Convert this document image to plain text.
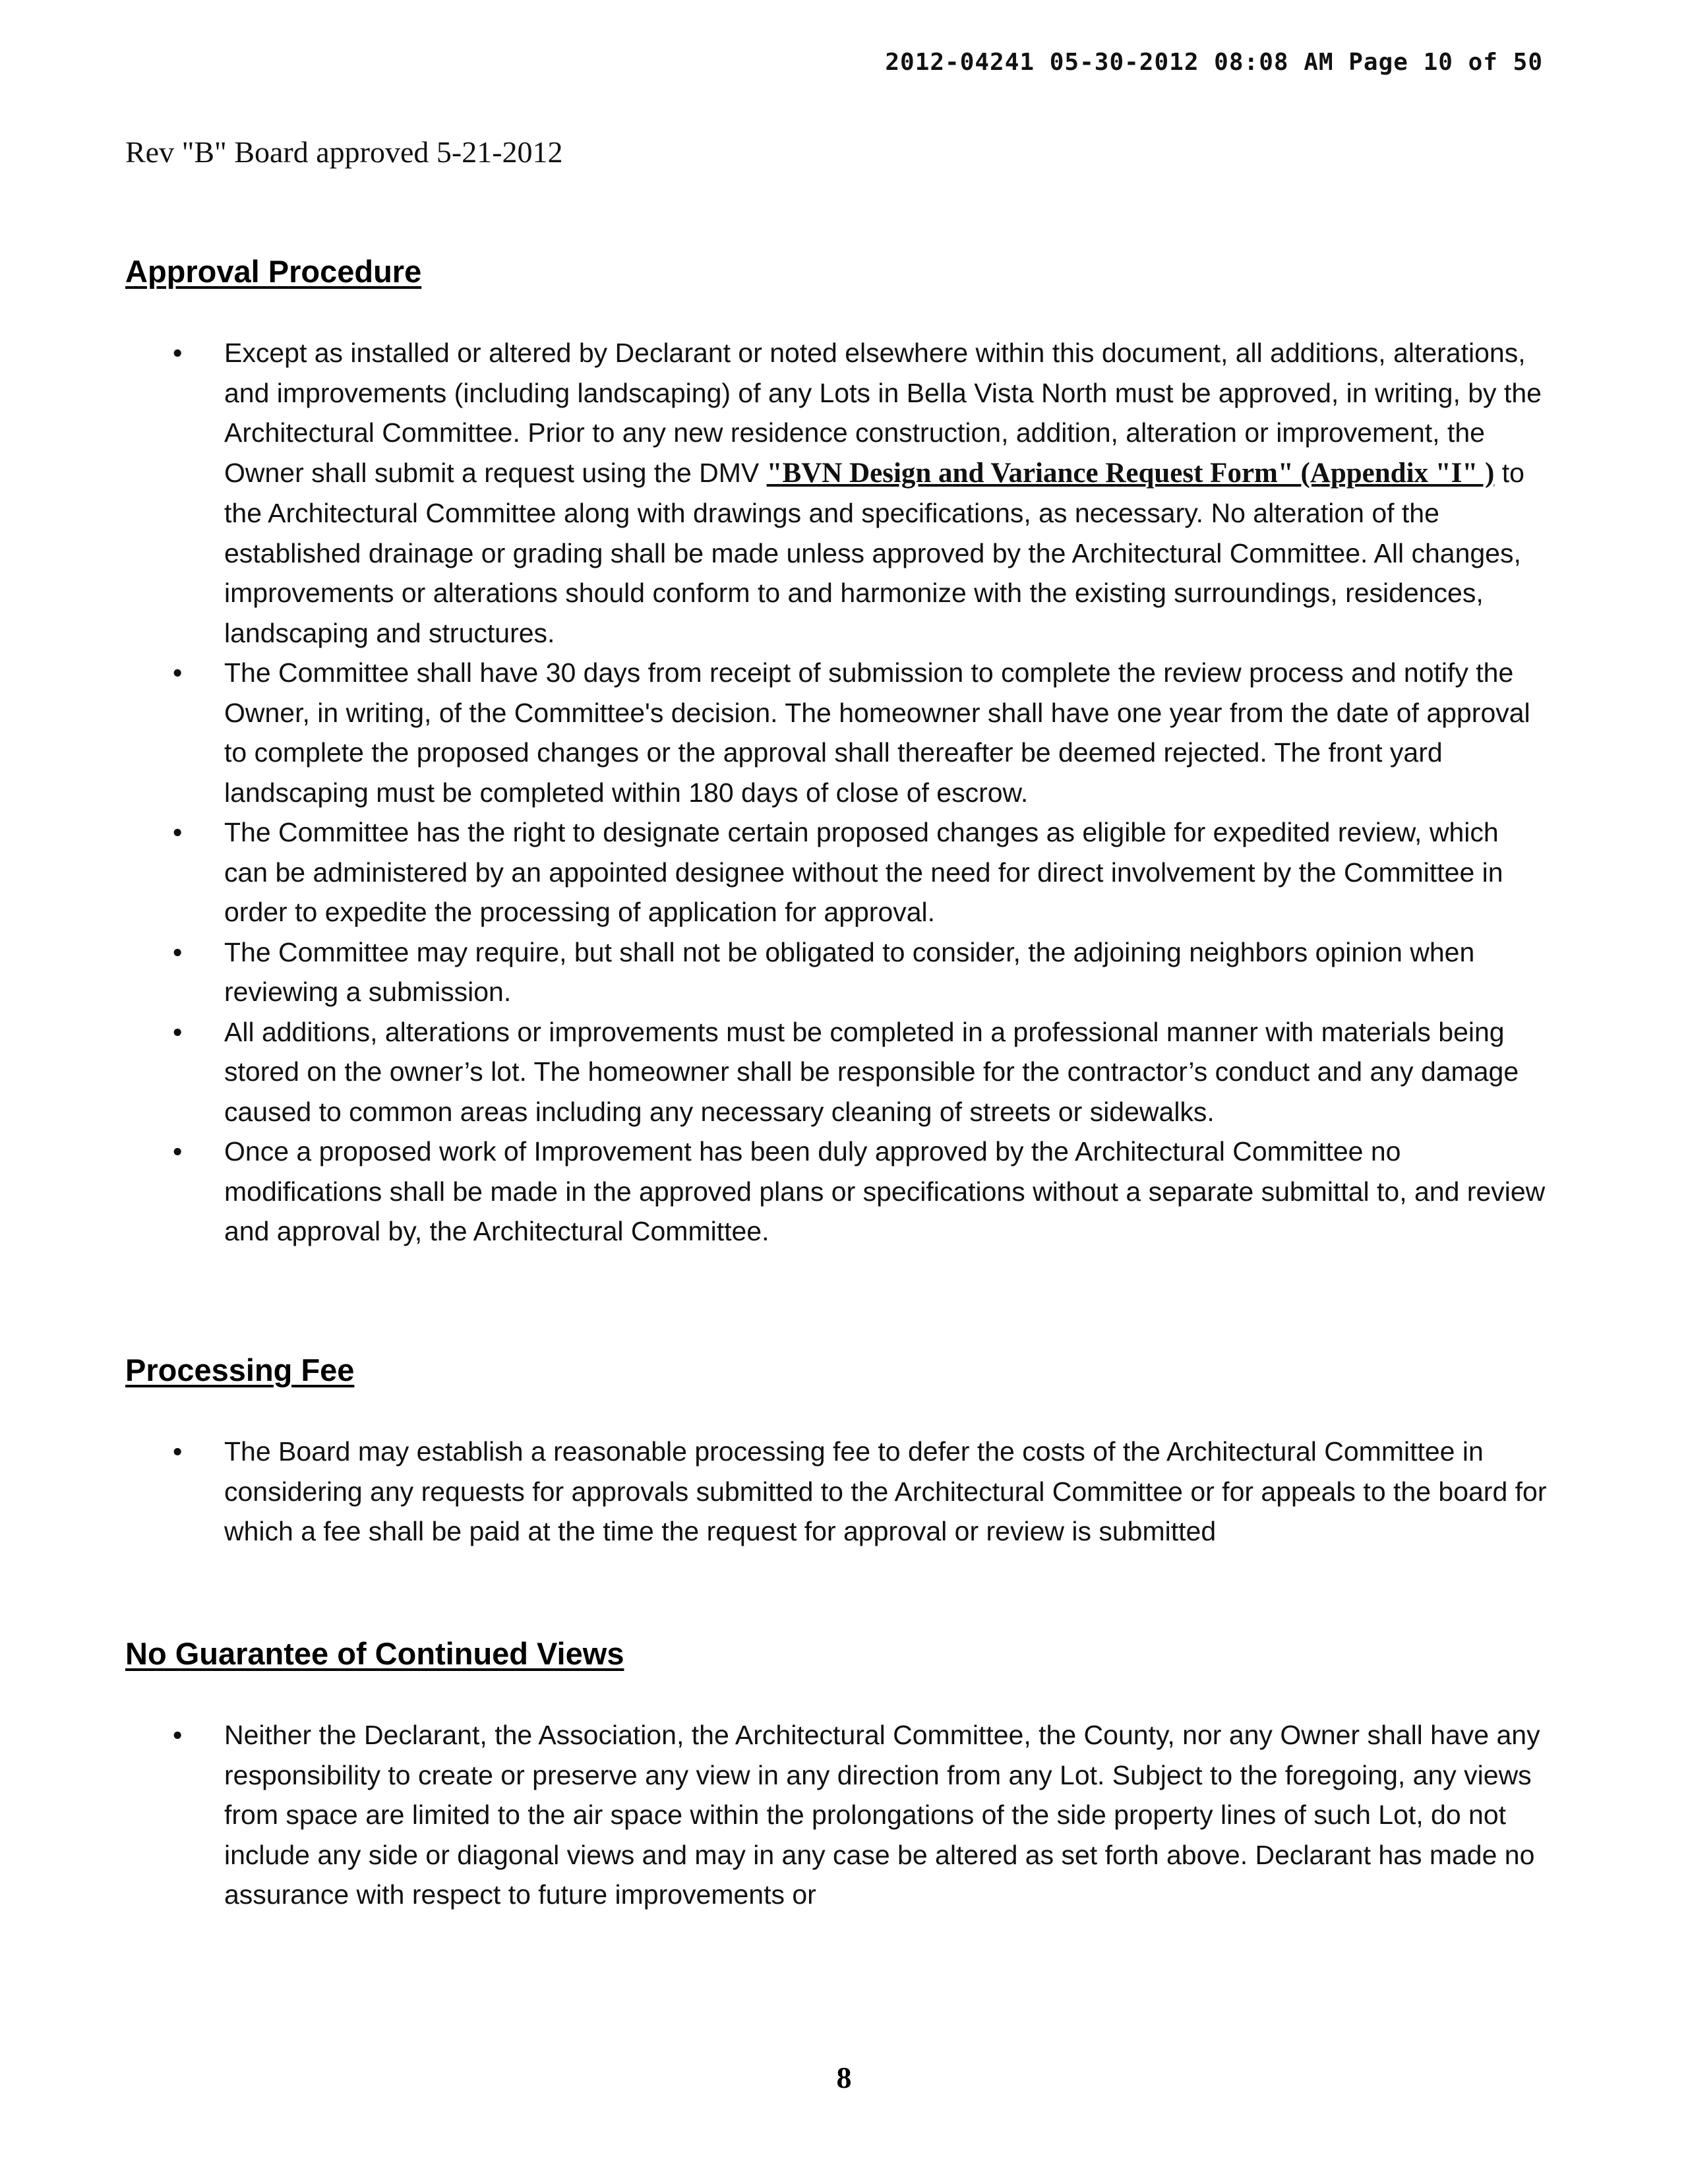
2012-04241 05-30-2012 08:08 AM Page 10 of 50
Rev "B" Board approved 5-21-2012
Approval Procedure
• Except as installed or altered by Declarant or noted elsewhere within this document, all additions, alterations, and improvements (including landscaping) of any Lots in Bella Vista North must be approved, in writing, by the Architectural Committee. Prior to any new residence construction, addition, alteration or improvement, the Owner shall submit a request using the DMV "BVN Design and Variance Request Form" (Appendix "I" ) to the Architectural Committee along with drawings and specifications, as necessary. No alteration of the established drainage or grading shall be made unless approved by the Architectural Committee. All changes, improvements or alterations should conform to and harmonize with the existing surroundings, residences, landscaping and structures.
• The Committee shall have 30 days from receipt of submission to complete the review process and notify the Owner, in writing, of the Committee's decision. The homeowner shall have one year from the date of approval to complete the proposed changes or the approval shall thereafter be deemed rejected. The front yard landscaping must be completed within 180 days of close of escrow.
• The Committee has the right to designate certain proposed changes as eligible for expedited review, which can be administered by an appointed designee without the need for direct involvement by the Committee in order to expedite the processing of application for approval.
• The Committee may require, but shall not be obligated to consider, the adjoining neighbors opinion when reviewing a submission.
• All additions, alterations or improvements must be completed in a professional manner with materials being stored on the owner’s lot. The homeowner shall be responsible for the contractor’s conduct and any damage caused to common areas including any necessary cleaning of streets or sidewalks.
• Once a proposed work of Improvement has been duly approved by the Architectural Committee no modifications shall be made in the approved plans or specifications without a separate submittal to, and review and approval by, the Architectural Committee.
Processing Fee
• The Board may establish a reasonable processing fee to defer the costs of the Architectural Committee in considering any requests for approvals submitted to the Architectural Committee or for appeals to the board for which a fee shall be paid at the time the request for approval or review is submitted
No Guarantee of Continued Views
• Neither the Declarant, the Association, the Architectural Committee, the County, nor any Owner shall have any responsibility to create or preserve any view in any direction from any Lot. Subject to the foregoing, any views from space are limited to the air space within the prolongations of the side property lines of such Lot, do not include any side or diagonal views and may in any case be altered as set forth above. Declarant has made no assurance with respect to future improvements or
8
